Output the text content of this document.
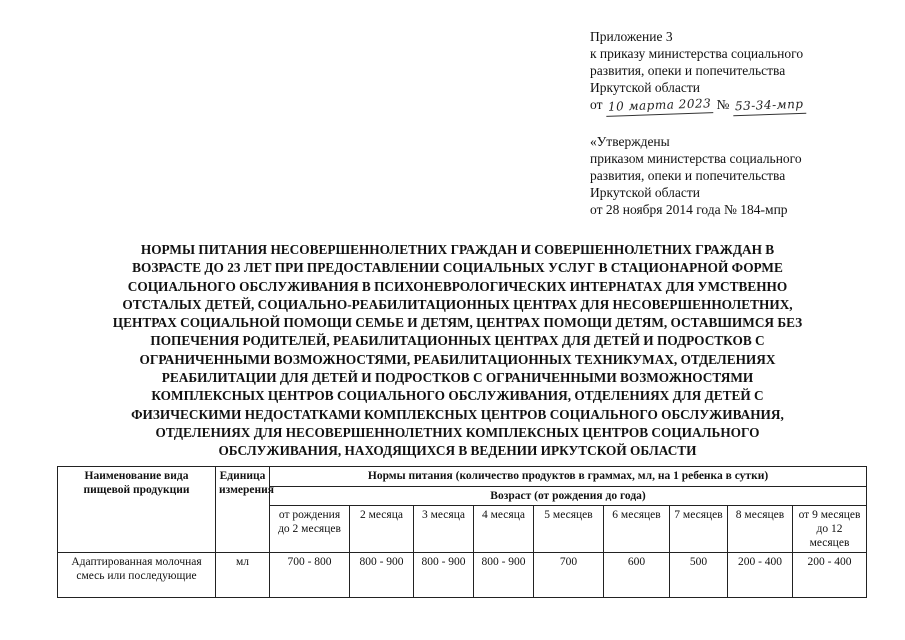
Приложение 3
к приказу министерства социального
развития, опеки и попечительства
Иркутской области
от 10 марта 2023 № 53-34-мпр
«Утверждены
приказом министерства социального
развития, опеки и попечительства
Иркутской области
от 28 ноября 2014 года № 184-мпр
НОРМЫ ПИТАНИЯ НЕСОВЕРШЕННОЛЕТНИХ ГРАЖДАН И СОВЕРШЕННОЛЕТНИХ ГРАЖДАН В
ВОЗРАСТЕ ДО 23 ЛЕТ ПРИ ПРЕДОСТАВЛЕНИИ СОЦИАЛЬНЫХ УСЛУГ В СТАЦИОНАРНОЙ ФОРМЕ
СОЦИАЛЬНОГО ОБСЛУЖИВАНИЯ В ПСИХОНЕВРОЛОГИЧЕСКИХ ИНТЕРНАТАХ ДЛЯ УМСТВЕННО
ОТСТАЛЫХ ДЕТЕЙ, СОЦИАЛЬНО-РЕАБИЛИТАЦИОННЫХ ЦЕНТРАХ ДЛЯ НЕСОВЕРШЕННОЛЕТНИХ,
ЦЕНТРАХ СОЦИАЛЬНОЙ ПОМОЩИ СЕМЬЕ И ДЕТЯМ, ЦЕНТРАХ ПОМОЩИ ДЕТЯМ, ОСТАВШИМСЯ БЕЗ
ПОПЕЧЕНИЯ РОДИТЕЛЕЙ, РЕАБИЛИТАЦИОННЫХ ЦЕНТРАХ ДЛЯ ДЕТЕЙ И ПОДРОСТКОВ С
ОГРАНИЧЕННЫМИ ВОЗМОЖНОСТЯМИ, РЕАБИЛИТАЦИОННЫХ ТЕХНИКУМАХ, ОТДЕЛЕНИЯХ
РЕАБИЛИТАЦИИ ДЛЯ ДЕТЕЙ И ПОДРОСТКОВ С ОГРАНИЧЕННЫМИ ВОЗМОЖНОСТЯМИ
КОМПЛЕКСНЫХ ЦЕНТРОВ СОЦИАЛЬНОГО ОБСЛУЖИВАНИЯ, ОТДЕЛЕНИЯХ ДЛЯ ДЕТЕЙ С
ФИЗИЧЕСКИМИ НЕДОСТАТКАМИ КОМПЛЕКСНЫХ ЦЕНТРОВ СОЦИАЛЬНОГО ОБСЛУЖИВАНИЯ,
ОТДЕЛЕНИЯХ ДЛЯ НЕСОВЕРШЕННОЛЕТНИХ КОМПЛЕКСНЫХ ЦЕНТРОВ СОЦИАЛЬНОГО
ОБСЛУЖИВАНИЯ, НАХОДЯЩИХСЯ В ВЕДЕНИИ ИРКУТСКОЙ ОБЛАСТИ
Наименование вида пищевой продукции	Единица измерения	Нормы питания (количество продуктов в граммах, мл, на 1 ребенка в сутки)								
		Возраст (от рождения до года)								
		от рождения до 2 месяцев	2 месяца	3 месяца	4 месяца	5 месяцев	6 месяцев	7 месяцев	8 месяцев	от 9 месяцев до 12 месяцев
Адаптированная молочная смесь или последующие	мл	700 - 800	800 - 900	800 - 900	800 - 900	700	600	500	200 - 400	200 - 400
